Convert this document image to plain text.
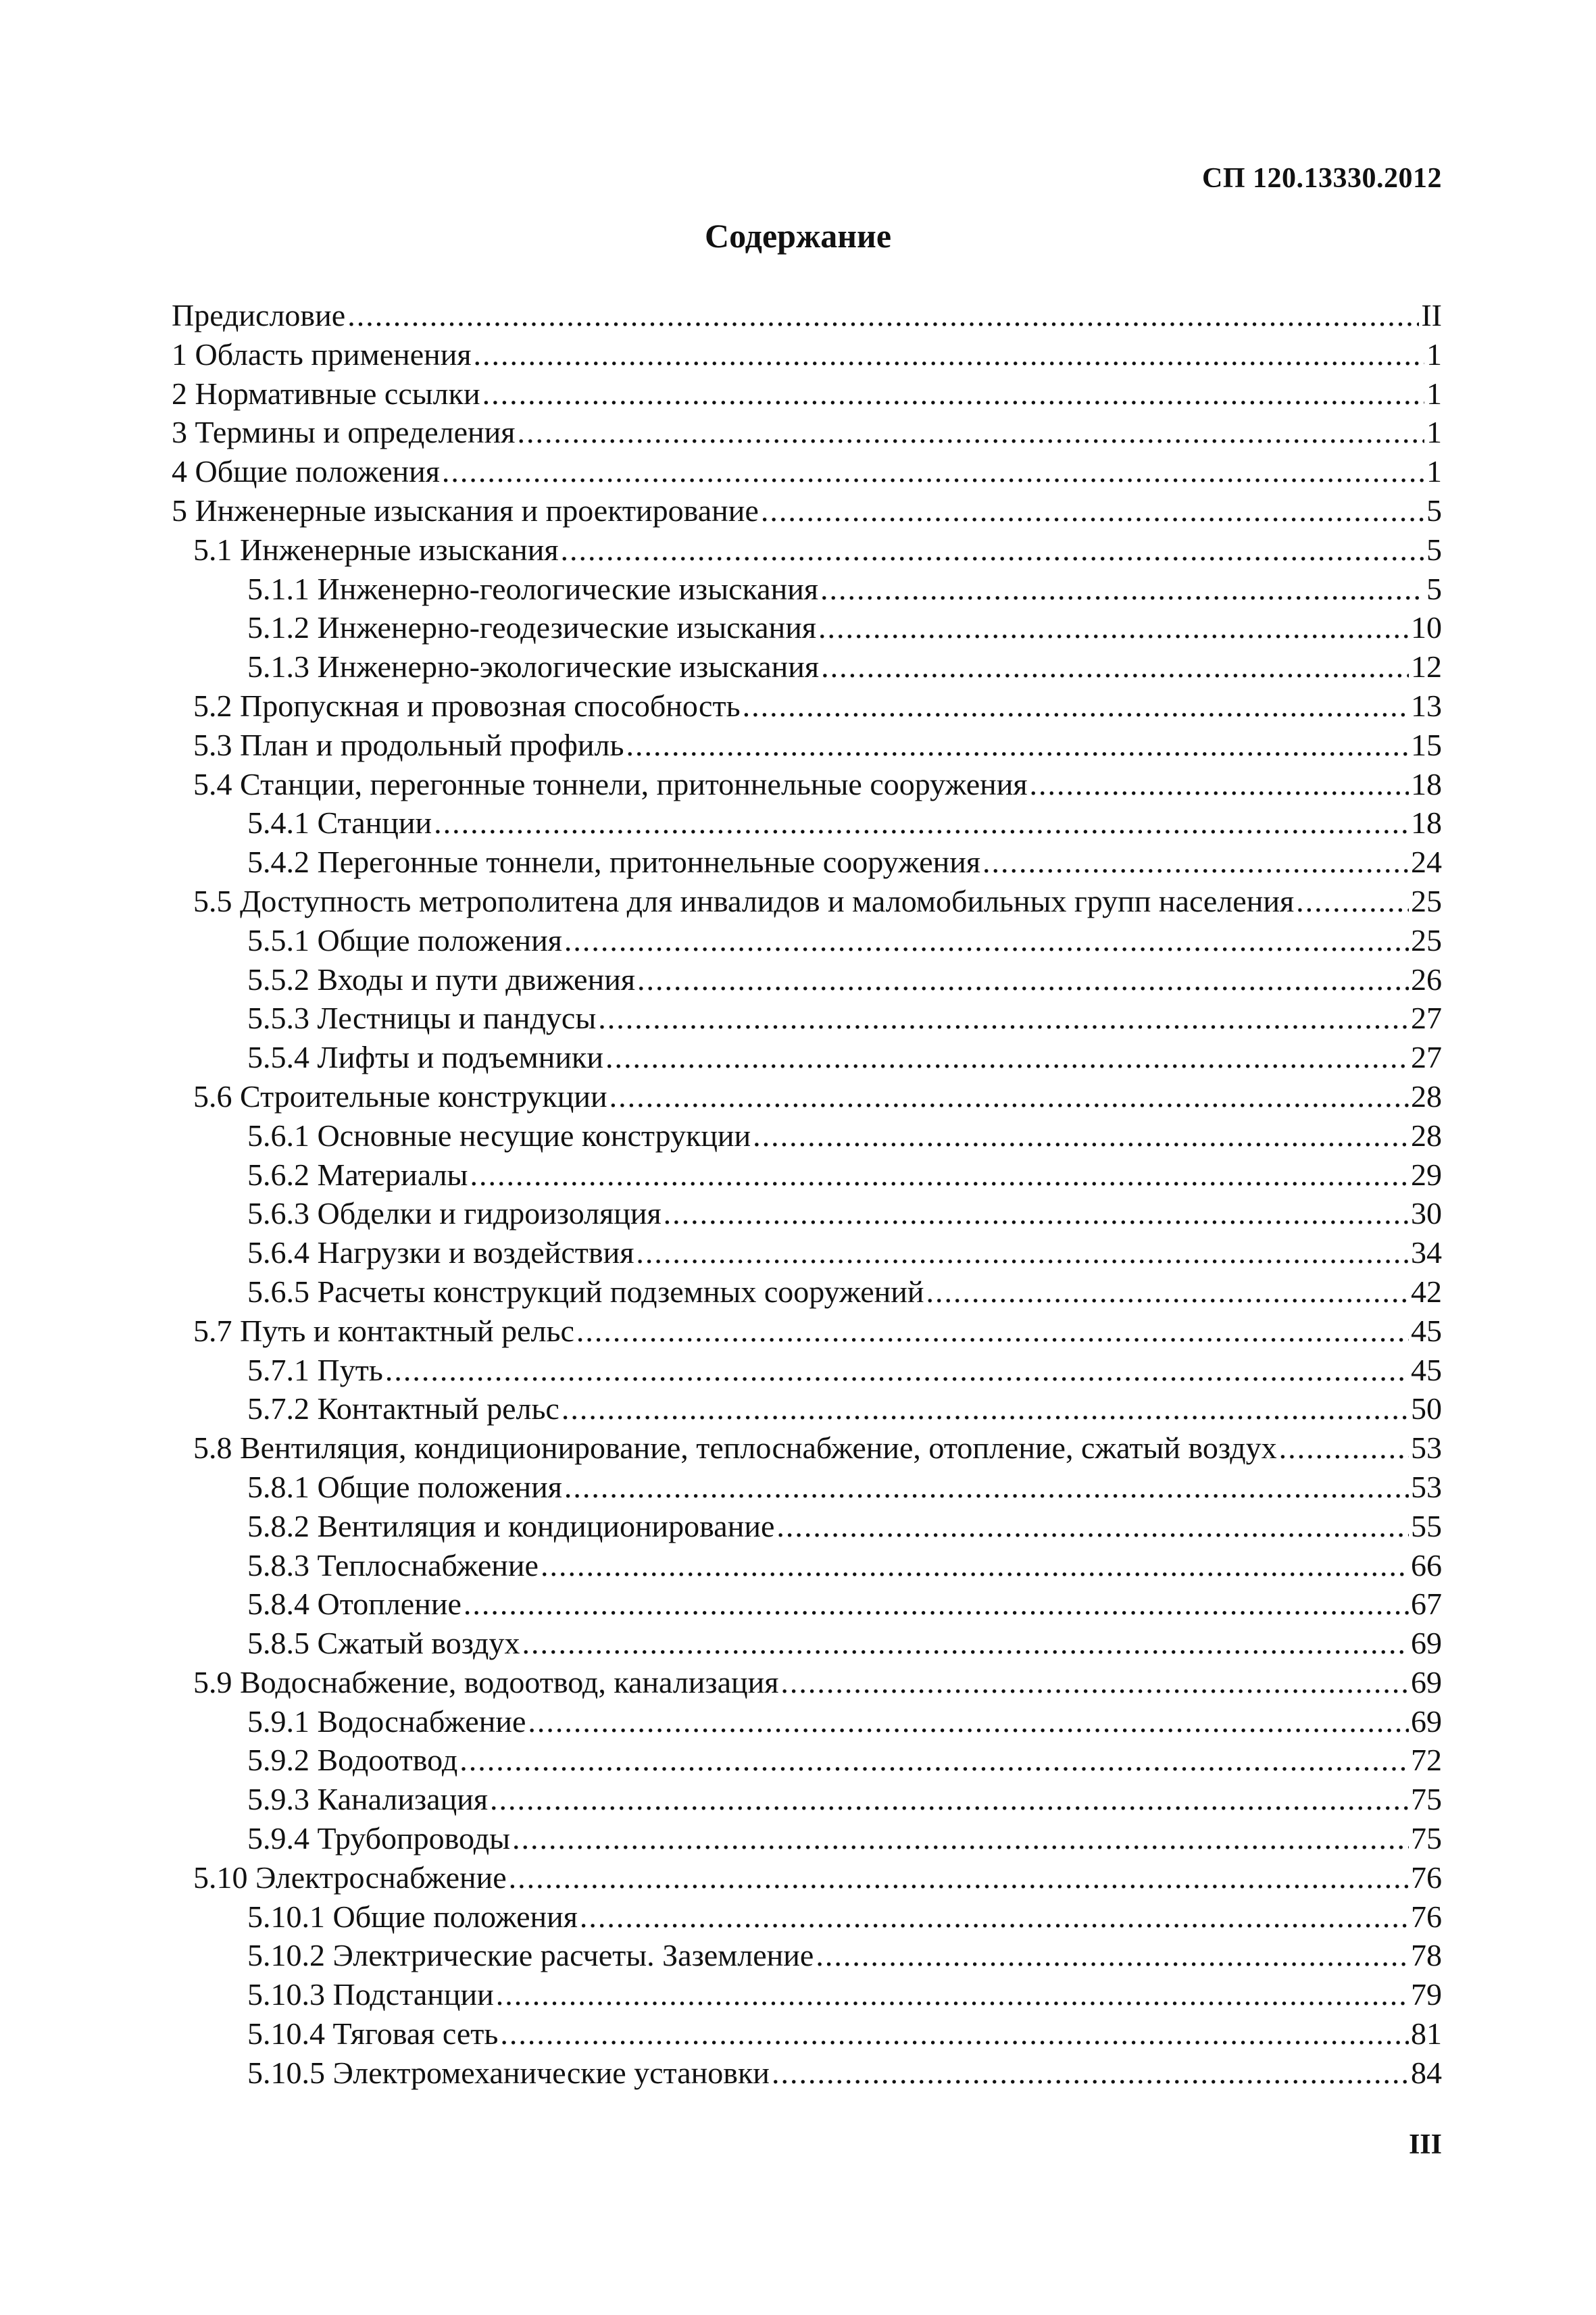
СП 120.13330.2012
Содержание
Предисловие .....	II
1 Область применения .....	1
2 Нормативные ссылки .....	1
3 Термины и определения .....	1
4 Общие положения .....	1
5 Инженерные изыскания и проектирование .....	5
5.1 Инженерные изыскания .....	5
5.1.1 Инженерно-геологические изыскания .....	5
5.1.2 Инженерно-геодезические изыскания .....	10
5.1.3 Инженерно-экологические изыскания .....	12
5.2 Пропускная и провозная способность .....	13
5.3 План и продольный профиль .....	15
5.4 Станции, перегонные тоннели, притоннельные сооружения .....	18
5.4.1 Станции .....	18
5.4.2 Перегонные тоннели, притоннельные сооружения .....	24
5.5 Доступность метрополитена для инвалидов и маломобильных групп населения .....	25
5.5.1 Общие положения .....	25
5.5.2 Входы и пути движения .....	26
5.5.3 Лестницы и пандусы .....	27
5.5.4 Лифты и подъемники .....	27
5.6 Строительные конструкции .....	28
5.6.1 Основные несущие конструкции .....	28
5.6.2 Материалы .....	29
5.6.3 Обделки и гидроизоляция .....	30
5.6.4 Нагрузки и воздействия .....	34
5.6.5 Расчеты конструкций подземных сооружений .....	42
5.7 Путь и контактный рельс .....	45
5.7.1 Путь .....	45
5.7.2 Контактный рельс .....	50
5.8 Вентиляция, кондиционирование, теплоснабжение, отопление, сжатый воздух .....	53
5.8.1 Общие положения .....	53
5.8.2 Вентиляция и кондиционирование .....	55
5.8.3 Теплоснабжение .....	66
5.8.4 Отопление .....	67
5.8.5 Сжатый воздух .....	69
5.9 Водоснабжение, водоотвод, канализация .....	69
5.9.1 Водоснабжение .....	69
5.9.2 Водоотвод .....	72
5.9.3 Канализация .....	75
5.9.4 Трубопроводы .....	75
5.10 Электроснабжение .....	76
5.10.1 Общие положения .....	76
5.10.2 Электрические расчеты. Заземление .....	78
5.10.3 Подстанции .....	79
5.10.4 Тяговая сеть .....	81
5.10.5 Электромеханические установки .....	84
III
